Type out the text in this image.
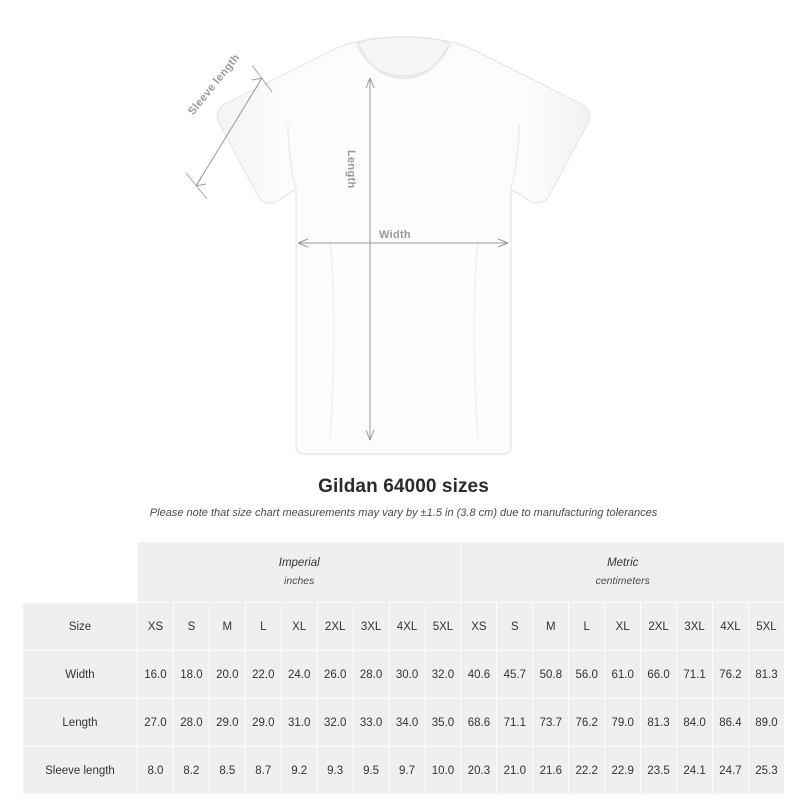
Sleeve length
Length
Width
Gildan 64000 sizes

Please note that size chart measurements may vary by ±1.5 in (3.8 cm) due to manufacturing tolerances

	Imperial
inches									Metric
centimeters								

Size	XS	S	M	L	XL	2XL	3XL	4XL	5XL	XS	S	M	L	XL	2XL	3XL	4XL	5XL
Width	16.0	18.0	20.0	22.0	24.0	26.0	28.0	30.0	32.0	40.6	45.7	50.8	56.0	61.0	66.0	71.1	76.2	81.3
Length	27.0	28.0	29.0	29.0	31.0	32.0	33.0	34.0	35.0	68.6	71.1	73.7	76.2	79.0	81.3	84.0	86.4	89.0
Sleeve length	8.0	8.2	8.5	8.7	9.2	9.3	9.5	9.7	10.0	20.3	21.0	21.6	22.2	22.9	23.5	24.1	24.7	25.3
